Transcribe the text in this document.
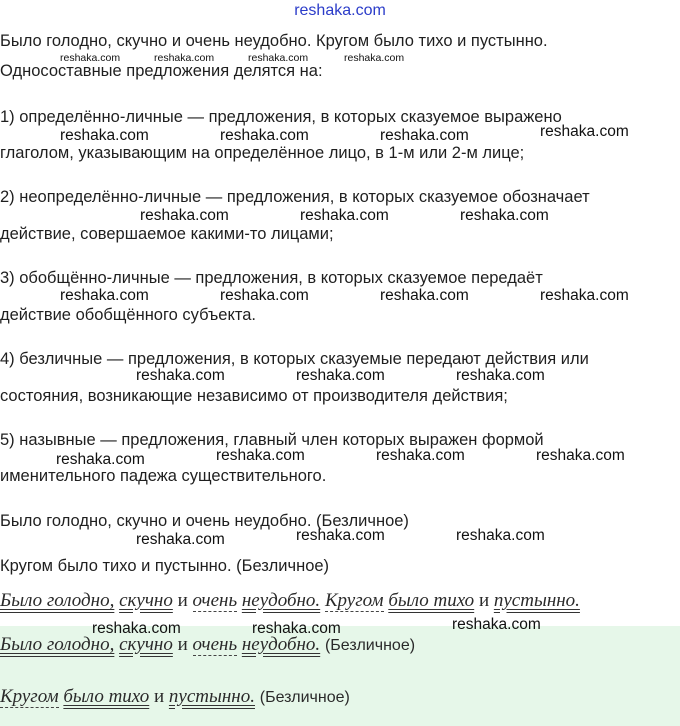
reshaka.com
Было голодно, скучно и очень неудобно. Кругом было тихо и пустынно.
Односоставные предложения делятся на:
1) определённо-личные — предложения, в которых сказуемое выражено
глаголом, указывающим на определённое лицо, в 1-м или 2-м лице;
2) неопределённо-личные — предложения, в которых сказуемое обозначает
действие, совершаемое какими-то лицами;
3) обобщённо-личные — предложения, в которых сказуемое передаёт
действие обобщённого субъекта.
4) безличные — предложения, в которых сказуемые передают действия или
состояния, возникающие независимо от производителя действия;
5) назывные — предложения, главный член которых выражен формой
именительного падежа существительного.
Было голодно, скучно и очень неудобно. (Безличное)
Кругом было тихо и пустынно. (Безличное)
Было голодно, скучно и очень неудобно. Кругом было тихо и пустынно.
Было голодно, скучно и очень неудобно. (Безличное)
Кругом было тихо и пустынно. (Безличное)
reshaka.com	reshaka.com	reshaka.com	reshaka.com
reshaka.com	reshaka.com	reshaka.com	reshaka.com
reshaka.com	reshaka.com	reshaka.com
reshaka.com	reshaka.com	reshaka.com	reshaka.com
reshaka.com	reshaka.com	reshaka.com
reshaka.com	reshaka.com	reshaka.com	reshaka.com
reshaka.com	reshaka.com	reshaka.com
reshaka.com	reshaka.com	reshaka.com
